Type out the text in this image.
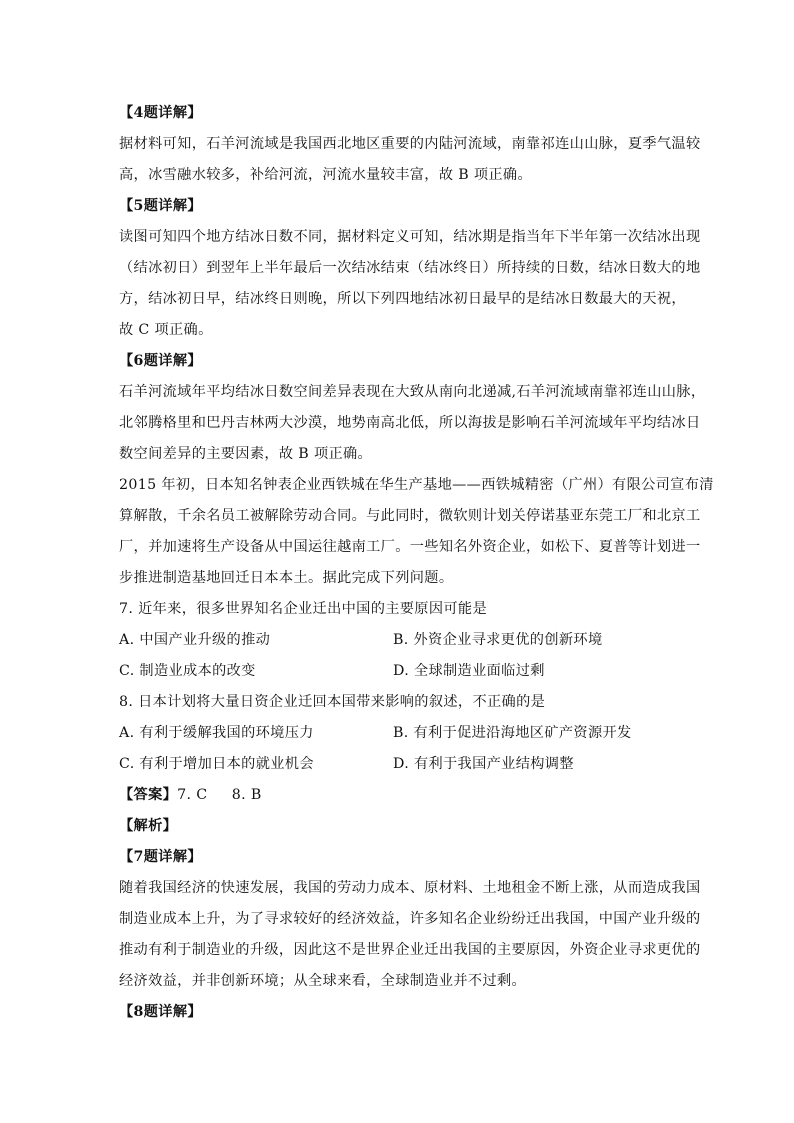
【4题详解】
据材料可知，石羊河流域是我国西北地区重要的内陆河流域，南靠祁连山山脉，夏季气温较
高，冰雪融水较多，补给河流，河流水量较丰富，故 B 项正确。
【5题详解】
读图可知四个地方结冰日数不同，据材料定义可知，结冰期是指当年下半年第一次结冰出现
（结冰初日）到翌年上半年最后一次结冰结束（结冰终日）所持续的日数，结冰日数大的地
方，结冰初日早，结冰终日则晚，所以下列四地结冰初日最早的是结冰日数最大的天祝，
故 C 项正确。
【6题详解】
石羊河流域年平均结冰日数空间差异表现在大致从南向北递减,石羊河流域南靠祁连山山脉，
北邻腾格里和巴丹吉林两大沙漠，地势南高北低，所以海拔是影响石羊河流域年平均结冰日
数空间差异的主要因素，故 B 项正确。
2015 年初，日本知名钟表企业西铁城在华生产基地——西铁城精密（广州）有限公司宣布清
算解散，千余名员工被解除劳动合同。与此同时，微软则计划关停诺基亚东莞工厂和北京工
厂，并加速将生产设备从中国运往越南工厂。一些知名外资企业，如松下、夏普等计划进一
步推进制造基地回迁日本本土。据此完成下列问题。
7. 近年来，很多世界知名企业迁出中国的主要原因可能是
A. 中国产业升级的推动	B. 外资企业寻求更优的创新环境
C. 制造业成本的改变	D. 全球制造业面临过剩
8. 日本计划将大量日资企业迁回本国带来影响的叙述，不正确的是
A. 有利于缓解我国的环境压力	B. 有利于促进沿海地区矿产资源开发
C. 有利于增加日本的就业机会	D. 有利于我国产业结构调整
【答案】7. C     8. B
【解析】
【7题详解】
随着我国经济的快速发展，我国的劳动力成本、原材料、土地租金不断上涨，从而造成我国
制造业成本上升，为了寻求较好的经济效益，许多知名企业纷纷迁出我国，中国产业升级的
推动有利于制造业的升级，因此这不是世界企业迁出我国的主要原因，外资企业寻求更优的
经济效益，并非创新环境；从全球来看，全球制造业并不过剩。
【8题详解】
